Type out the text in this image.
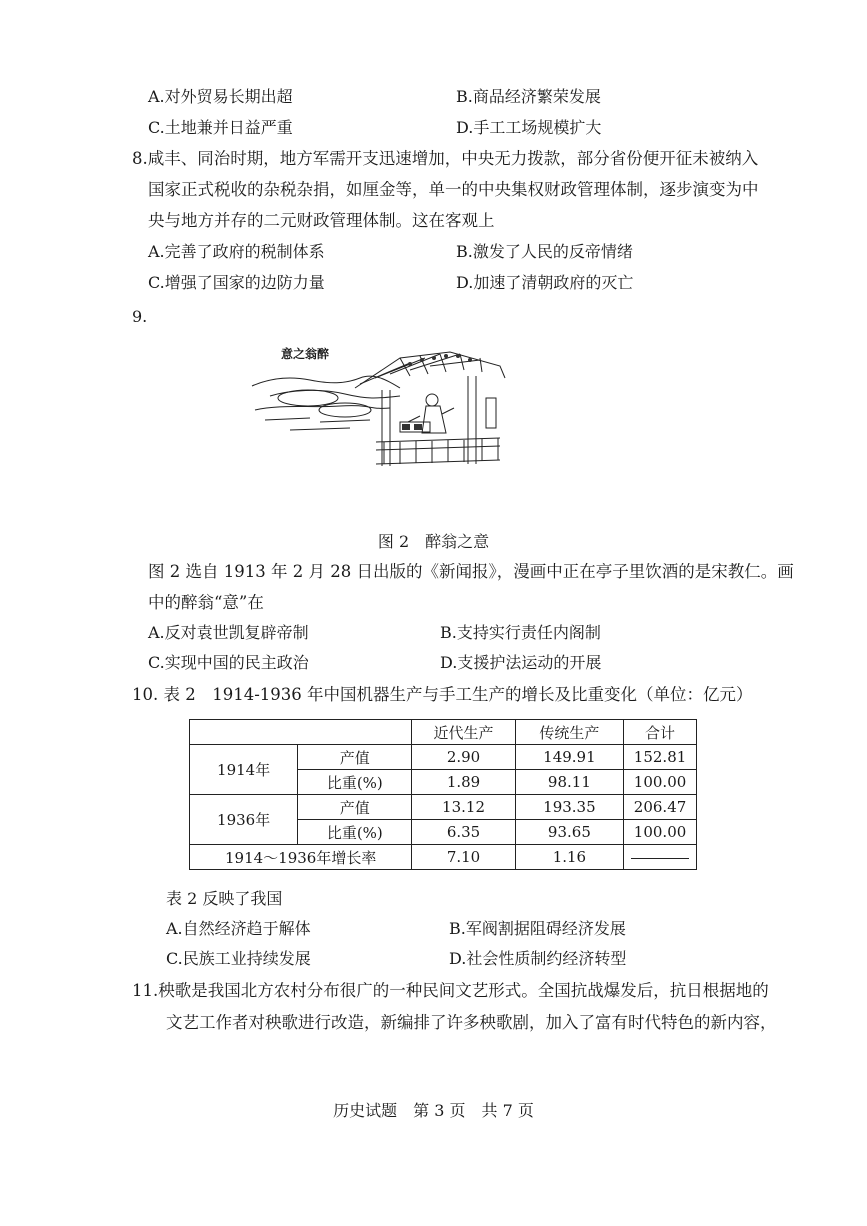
A.对外贸易长期出超	B.商品经济繁荣发展
C.土地兼并日益严重	D.手工工场规模扩大
8.咸丰、同治时期，地方军需开支迅速增加，中央无力拨款，部分省份便开征未被纳入
国家正式税收的杂税杂捐，如厘金等，单一的中央集权财政管理体制，逐步演变为中
央与地方并存的二元财政管理体制。这在客观上
A.完善了政府的税制体系	B.激发了人民的反帝情绪
C.增强了国家的边防力量	D.加速了清朝政府的灭亡
9.
意之翁醉
图 2　醉翁之意
图 2 选自 1913 年 2 月 28 日出版的《新闻报》，漫画中正在亭子里饮酒的是宋教仁。画
中的醉翁“意”在
A.反对袁世凯复辟帝制	B.支持实行责任内阁制
C.实现中国的民主政治	D.支援护法运动的开展
10. 表 2　1914-1936 年中国机器生产与手工生产的增长及比重变化（单位：亿元）
		近代生产	传统生产	合计
1914年	产值	2.90	149.91	152.81
	比重(%)	1.89	98.11	100.00
1936年	产值	13.12	193.35	206.47
	比重(%)	6.35	93.65	100.00
1914～1936年增长率		7.10	1.16	
表 2 反映了我国
A.自然经济趋于解体	B.军阀割据阻碍经济发展
C.民族工业持续发展	D.社会性质制约经济转型
11.秧歌是我国北方农村分布很广的一种民间文艺形式。全国抗战爆发后，抗日根据地的
文艺工作者对秧歌进行改造，新编排了许多秧歌剧，加入了富有时代特色的新内容，
历史试题　第 3 页　共 7 页
